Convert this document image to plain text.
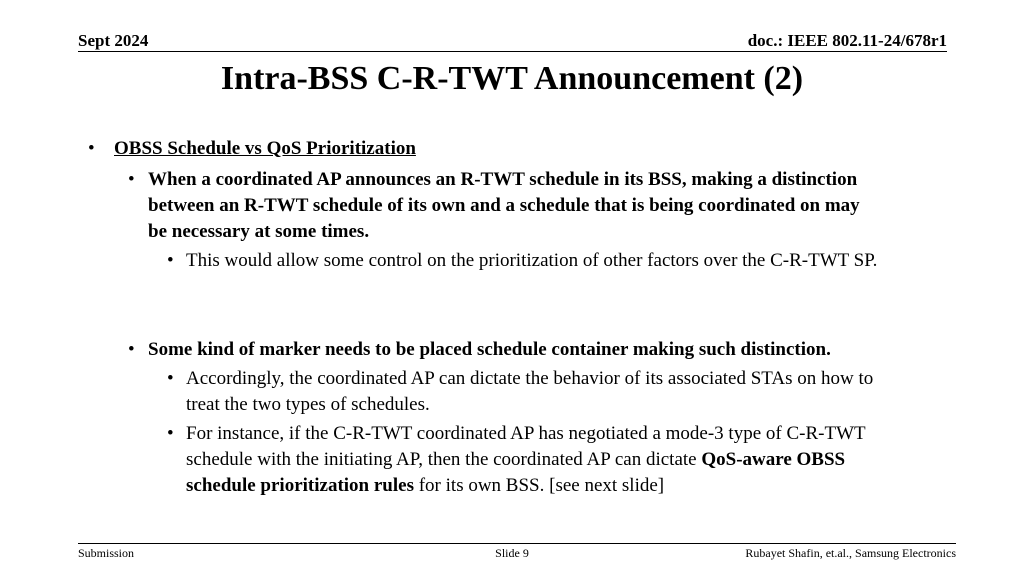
Sept 2024	doc.: IEEE 802.11-24/678r1
Intra-BSS C-R-TWT Announcement (2)
• OBSS Schedule vs QoS Prioritization
• When a coordinated AP announces an R-TWT schedule in its BSS, making a distinction between an R-TWT schedule of its own and a schedule that is being coordinated on may be necessary at some times.
• This would allow some control on the prioritization of other factors over the C-R-TWT SP.
• Some kind of marker needs to be placed schedule container making such distinction.
• Accordingly, the coordinated AP can dictate the behavior of its associated STAs on how to treat the two types of schedules.
• For instance, if the C-R-TWT coordinated AP has negotiated a mode-3 type of C-R-TWT schedule with the initiating AP, then the coordinated AP can dictate QoS-aware OBSS schedule prioritization rules for its own BSS. [see next slide]
Submission	Slide 9	Rubayet Shafin, et.al., Samsung Electronics
